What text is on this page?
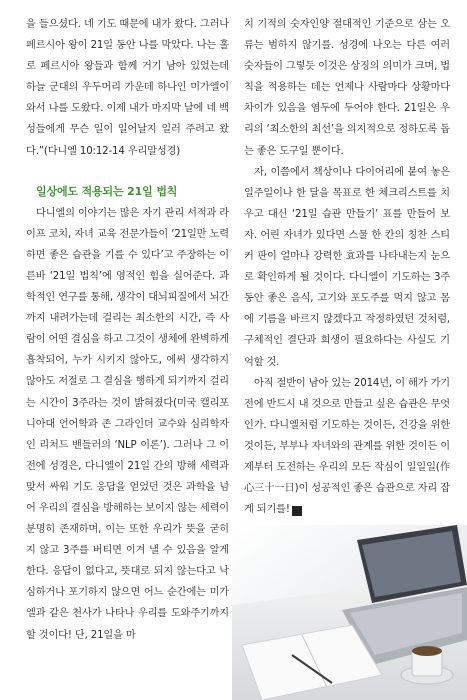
을 들으셨다. 네 기도 때문에 내가 왔다. 그러나 페르시아 왕이 21일 동안 나를 막았다. 나는 홀로 페르시아 왕들과 함께 거기 남아 있었는데 하늘 군대의 우두머리 가운데 하나인 미가엘이 와서 나를 도왔다. 이제 내가 마지막 날에 네 백성들에게 무슨 일이 일어날지 일러 주려고 왔다.”(다니엘 10:12-14 우리말성경)

일상에도 적용되는 21일 법칙

다니엘의 이야기는 많은 자기 관리 서적과 라이프 코치, 자녀 교육 전문가들이 ‘21일만 노력하면 좋은 습관을 기를 수 있다’고 주장하는 이른바 ‘21일 법칙’에 영적인 힘을 실어준다. 과학적인 연구를 통해, 생각이 대뇌피질에서 뇌간까지 내려가는데 걸리는 최소한의 시간, 즉 사람이 어떤 결심을 하고 그것이 생체에 완벽하게 흡착되어, 누가 시키지 않아도, 에써 생각하지 않아도 저절로 그 결심을 행하게 되기까지 걸리는 시간이 3주라는 것이 밝혀졌다(미국 캘리포니아대 언어학과 존 그라인더 교수와 심리학자인 리처드 밴들러의 ‘NLP 이론’). 그러나 그 이전에 성경은, 다니엘이 21일 간의 방해 세력과 맞서 싸워 기도 응답을 얻었던 것은 과학을 넘어 우리의 결심을 방해하는 보이지 않는 세력이 분명히 존재하며, 이는 또한 우리가 뜻을 굳히지 않고 3주를 버티면 이겨 낼 수 있음을 알게 한다. 응답이 없다고, 뜻대로 되지 않는다고 낙심하거나 포기하지 않으면 어느 순간에는 미가엘과 같은 천사가 나타나 우리를 도와주기까지 할 것이다! 단, 21일을 마

치 기적의 숫자인양 절대적인 기준으로 삼는 오류는 범하지 않기를. 성경에 나오는 다른 여러 숫자들이 그렇듯 이것은 상징의 의미가 크며, 법칙을 적용하는 데는 언제나 사람마다 상황마다 차이가 있음을 염두에 두어야 한다. 21일은 우리의 ‘최소한의 최선’을 의지적으로 정하도록 돕는 좋은 도구일 뿐이다.

자, 이쯤에서 책상이나 다이어리에 붙여 놓은 일주일이나 한 달을 목표로 한 체크리스트를 치우고 대신 ‘21일 습관 만들기’ 표를 만들어 보자. 어린 자녀가 있다면 스물 한 칸의 칭찬 스티커 판이 얼마나 강력한 효과를 나타내는지 눈으로 확인하게 될 것이다. 다니엘이 기도하는 3주 동안 좋은 음식, 고기와 포도주를 먹지 않고 몸에 기름을 바르지 않겠다고 작정하였던 것처럼, 구체적인 결단과 희생이 필요하다는 사실도 기억할 것.

아직 절반이 남아 있는 2014년, 이 해가 가기 전에 반드시 내 것으로 만들고 싶은 습관은 무엇인가. 다니엘처럼 기도하는 것이든, 건강을 위한 것이든, 부부나 자녀와의 관계를 위한 것이든 이제부터 도전하는 우리의 모든 작심이 일일일(作心三十一日)이 성공적인 좋은 습관으로 자리 잡게 되기를! N
